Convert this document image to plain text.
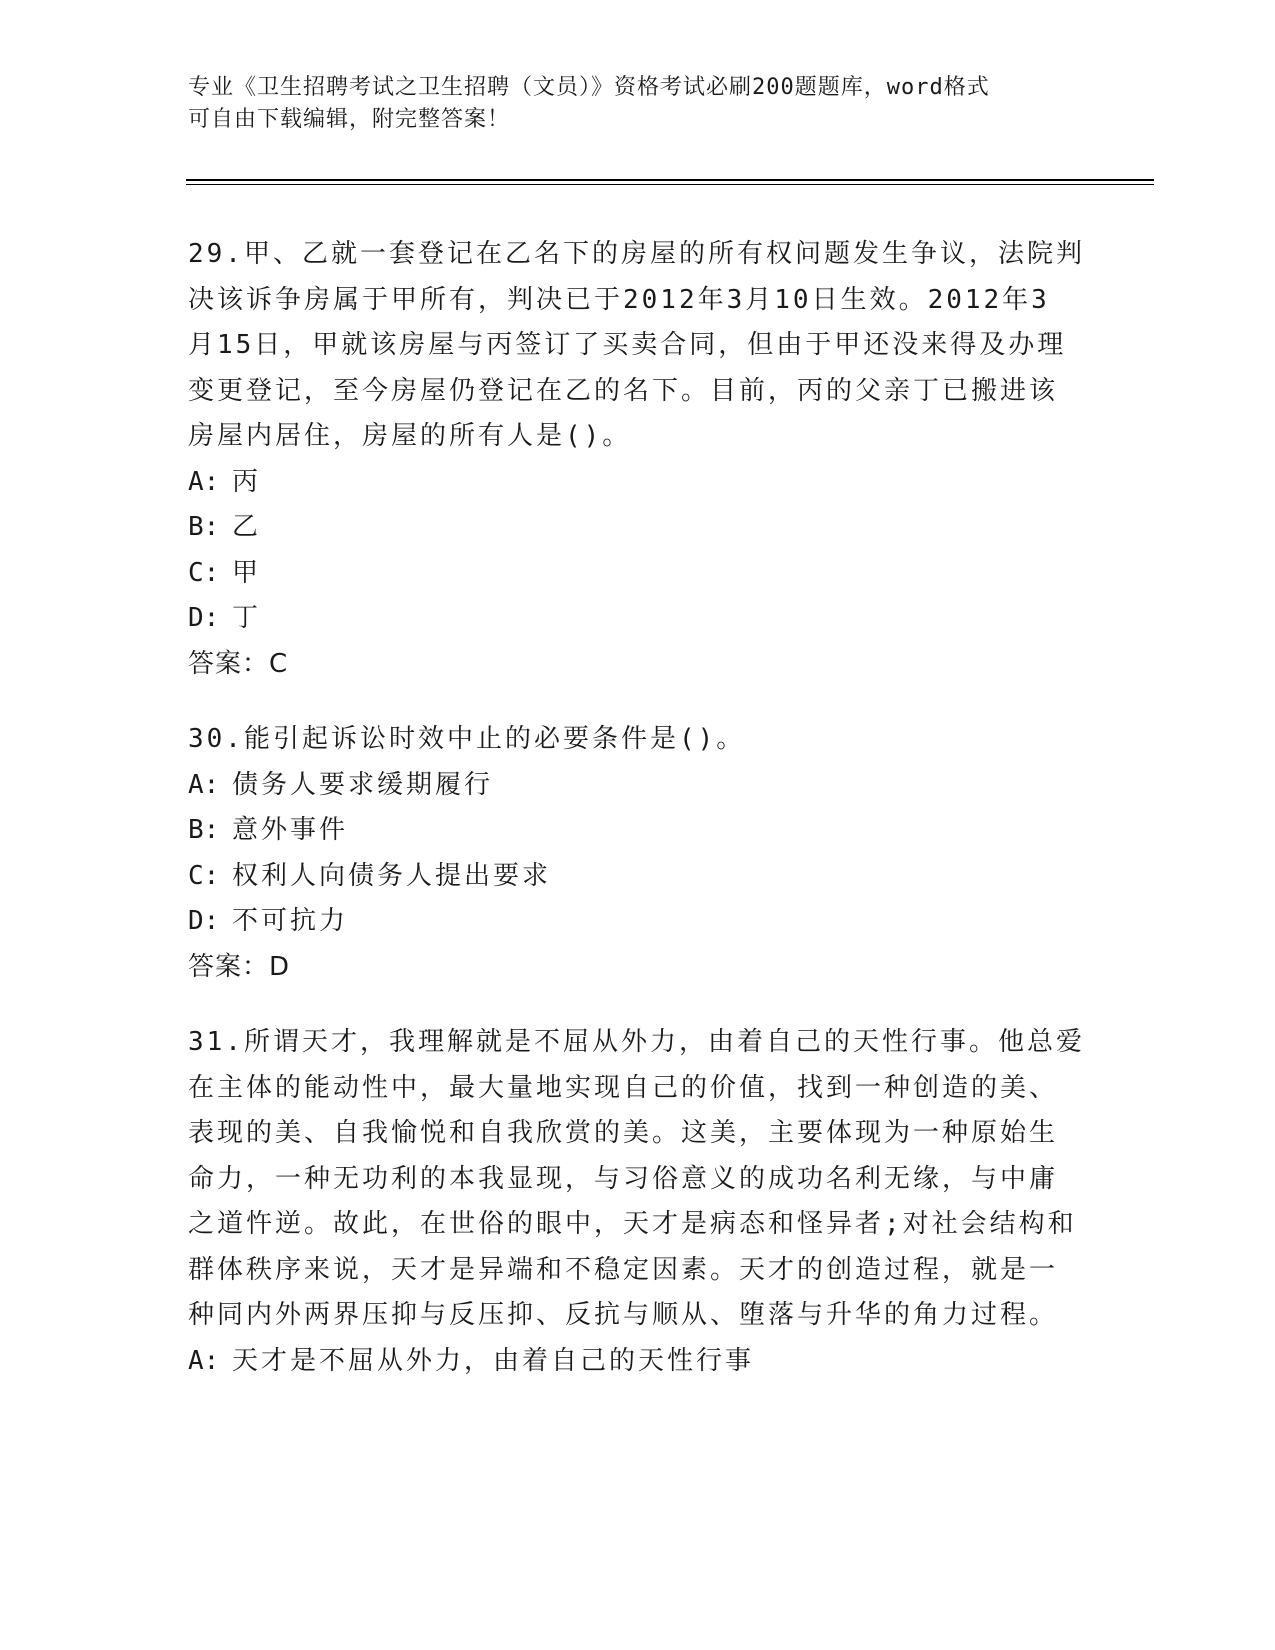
专业《卫生招聘考试之卫生招聘（文员）》资格考试必刷200题题库，word格式

可自由下载编辑，附完整答案！

29.甲、乙就一套登记在乙名下的房屋的所有权问题发生争议，法院判

决该诉争房属于甲所有，判决已于2012年3月10日生效。2012年3

月15日，甲就该房屋与丙签订了买卖合同，但由于甲还没来得及办理

变更登记，至今房屋仍登记在乙的名下。目前，丙的父亲丁已搬进该

房屋内居住，房屋的所有人是()。

A: 丙

B: 乙

C: 甲

D: 丁

答案：C

30.能引起诉讼时效中止的必要条件是()。

A: 债务人要求缓期履行

B: 意外事件

C: 权利人向债务人提出要求

D: 不可抗力

答案：D

31.所谓天才，我理解就是不屈从外力，由着自己的天性行事。他总爱

在主体的能动性中，最大量地实现自己的价值，找到一种创造的美、

表现的美、自我愉悦和自我欣赏的美。这美，主要体现为一种原始生

命力，一种无功利的本我显现，与习俗意义的成功名利无缘，与中庸

之道忤逆。故此，在世俗的眼中，天才是病态和怪异者;对社会结构和

群体秩序来说，天才是异端和不稳定因素。天才的创造过程，就是一

种同内外两界压抑与反压抑、反抗与顺从、堕落与升华的角力过程。

A: 天才是不屈从外力，由着自己的天性行事
